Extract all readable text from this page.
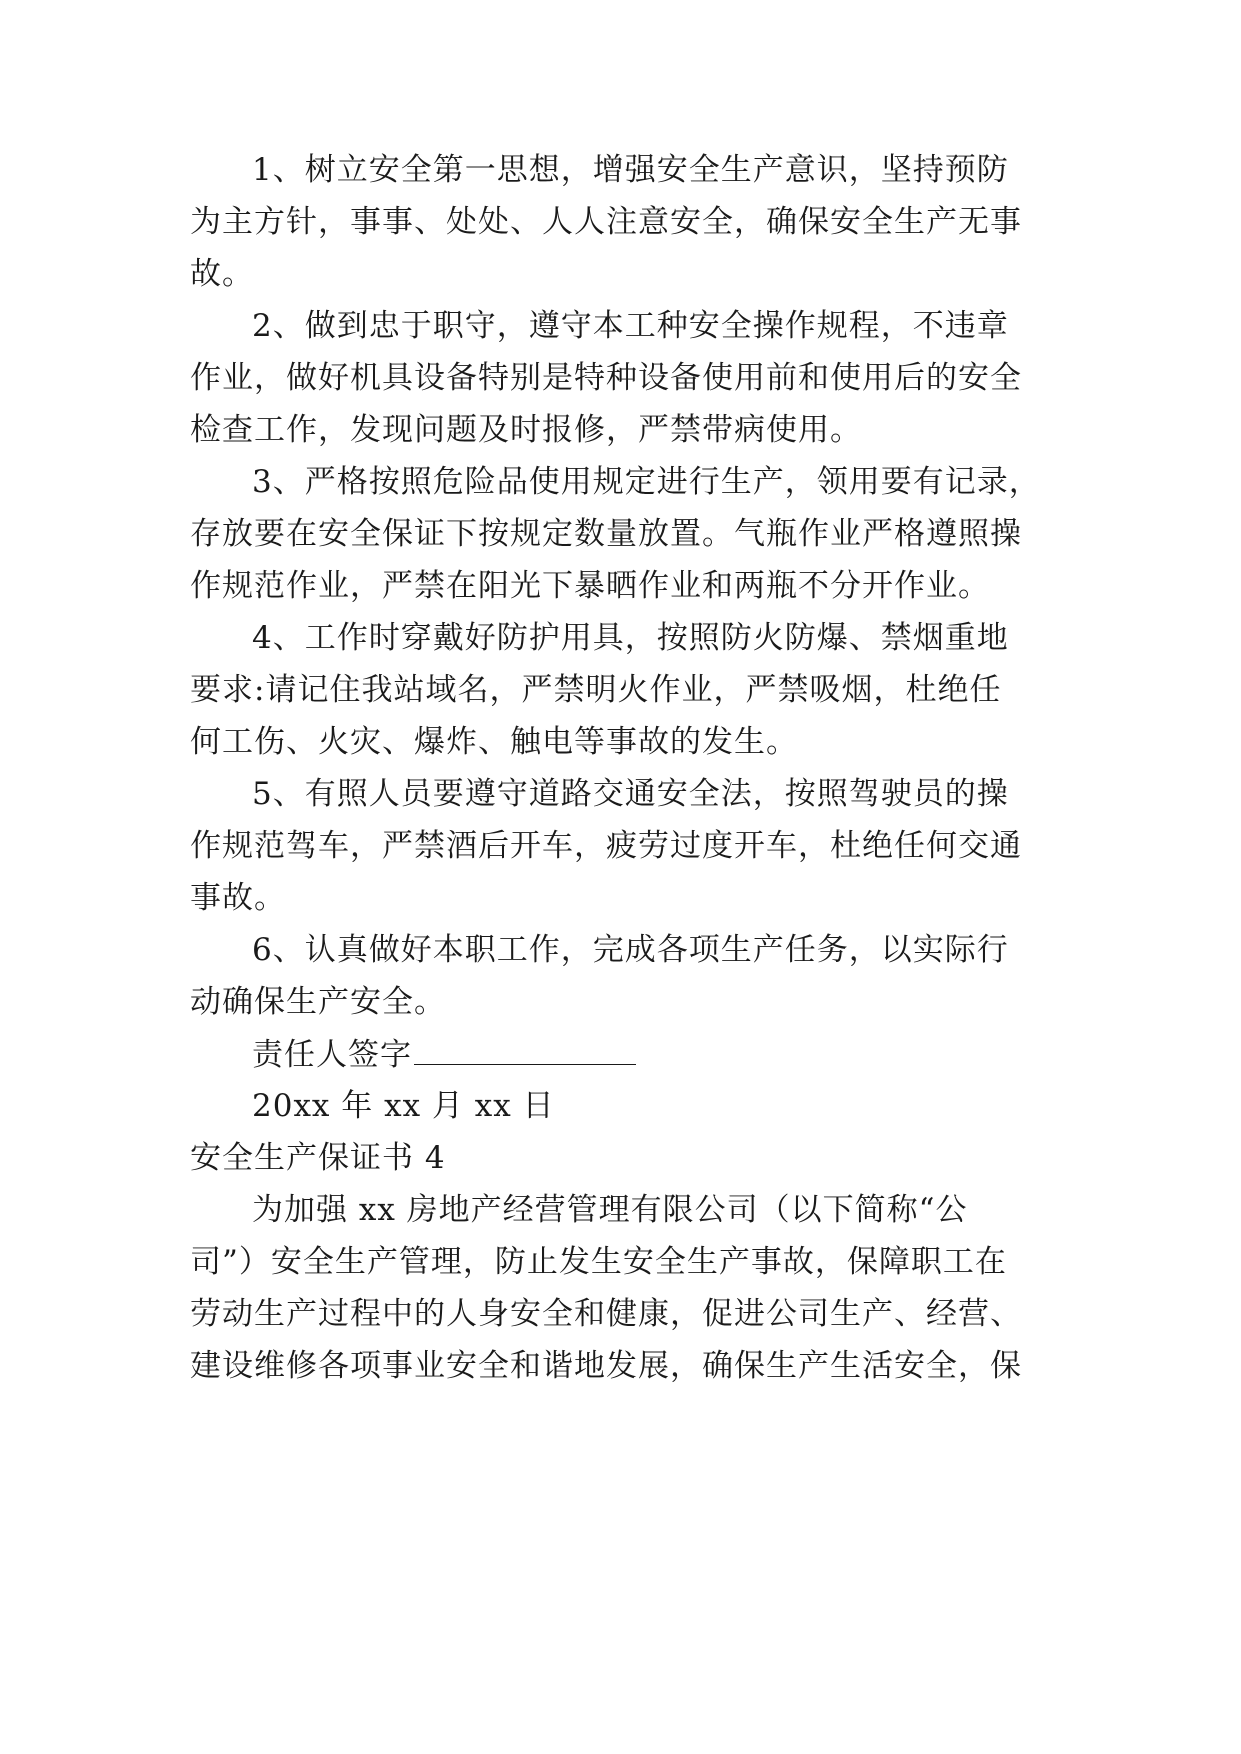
1、树立安全第一思想，增强安全生产意识，坚持预防
为主方针，事事、处处、人人注意安全，确保安全生产无事
故。
2、做到忠于职守，遵守本工种安全操作规程，不违章
作业，做好机具设备特别是特种设备使用前和使用后的安全
检查工作，发现问题及时报修，严禁带病使用。
3、严格按照危险品使用规定进行生产，领用要有记录，
存放要在安全保证下按规定数量放置。气瓶作业严格遵照操
作规范作业，严禁在阳光下暴晒作业和两瓶不分开作业。
4、工作时穿戴好防护用具，按照防火防爆、禁烟重地
要求:请记住我站域名，严禁明火作业，严禁吸烟，杜绝任
何工伤、火灾、爆炸、触电等事故的发生。
5、有照人员要遵守道路交通安全法，按照驾驶员的操
作规范驾车，严禁酒后开车，疲劳过度开车，杜绝任何交通
事故。
6、认真做好本职工作，完成各项生产任务，以实际行
动确保生产安全。
责任人签字
20xx 年 xx 月 xx 日
安全生产保证书 4
为加强 xx 房地产经营管理有限公司（以下简称“公
司”）安全生产管理，防止发生安全生产事故，保障职工在
劳动生产过程中的人身安全和健康，促进公司生产、经营、
建设维修各项事业安全和谐地发展，确保生产生活安全，保
